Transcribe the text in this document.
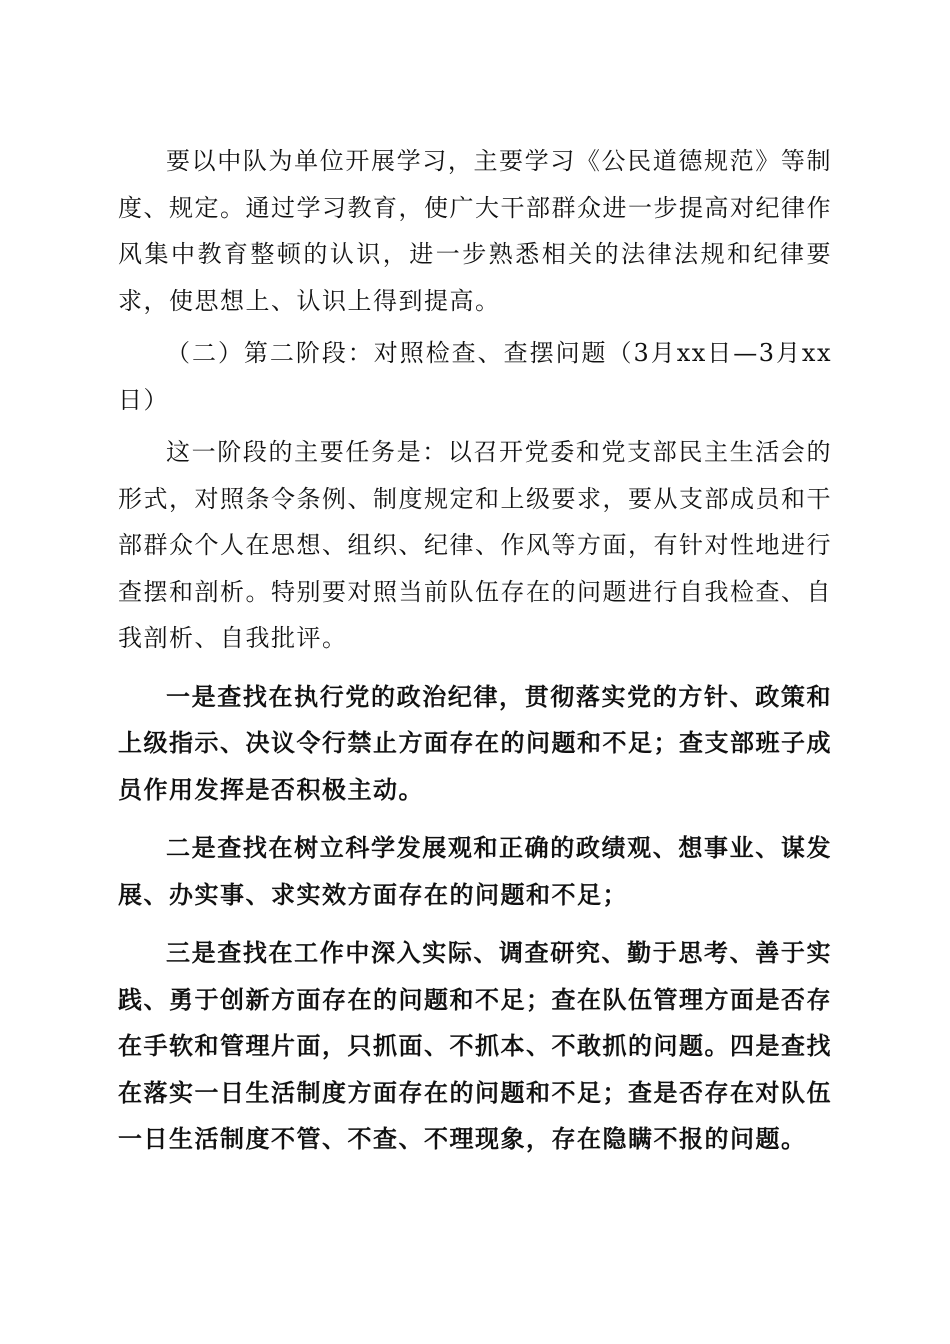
要以中队为单位开展学习，主要学习《公民道德规范》等制度、规定。通过学习教育，使广大干部群众进一步提高对纪律作风集中教育整顿的认识，进一步熟悉相关的法律法规和纪律要求，使思想上、认识上得到提高。

（二）第二阶段：对照检查、查摆问题（3月xx日—3月xx日）

这一阶段的主要任务是：以召开党委和党支部民主生活会的形式，对照条令条例、制度规定和上级要求，要从支部成员和干部群众个人在思想、组织、纪律、作风等方面，有针对性地进行查摆和剖析。特别要对照当前队伍存在的问题进行自我检查、自我剖析、自我批评。

一是查找在执行党的政治纪律，贯彻落实党的方针、政策和上级指示、决议令行禁止方面存在的问题和不足；查支部班子成员作用发挥是否积极主动。

二是查找在树立科学发展观和正确的政绩观、想事业、谋发展、办实事、求实效方面存在的问题和不足；

三是查找在工作中深入实际、调查研究、勤于思考、善于实践、勇于创新方面存在的问题和不足；查在队伍管理方面是否存在手软和管理片面，只抓面、不抓本、不敢抓的问题。四是查找在落实一日生活制度方面存在的问题和不足；查是否存在对队伍一日生活制度不管、不查、不理现象，存在隐瞒不报的问题。
